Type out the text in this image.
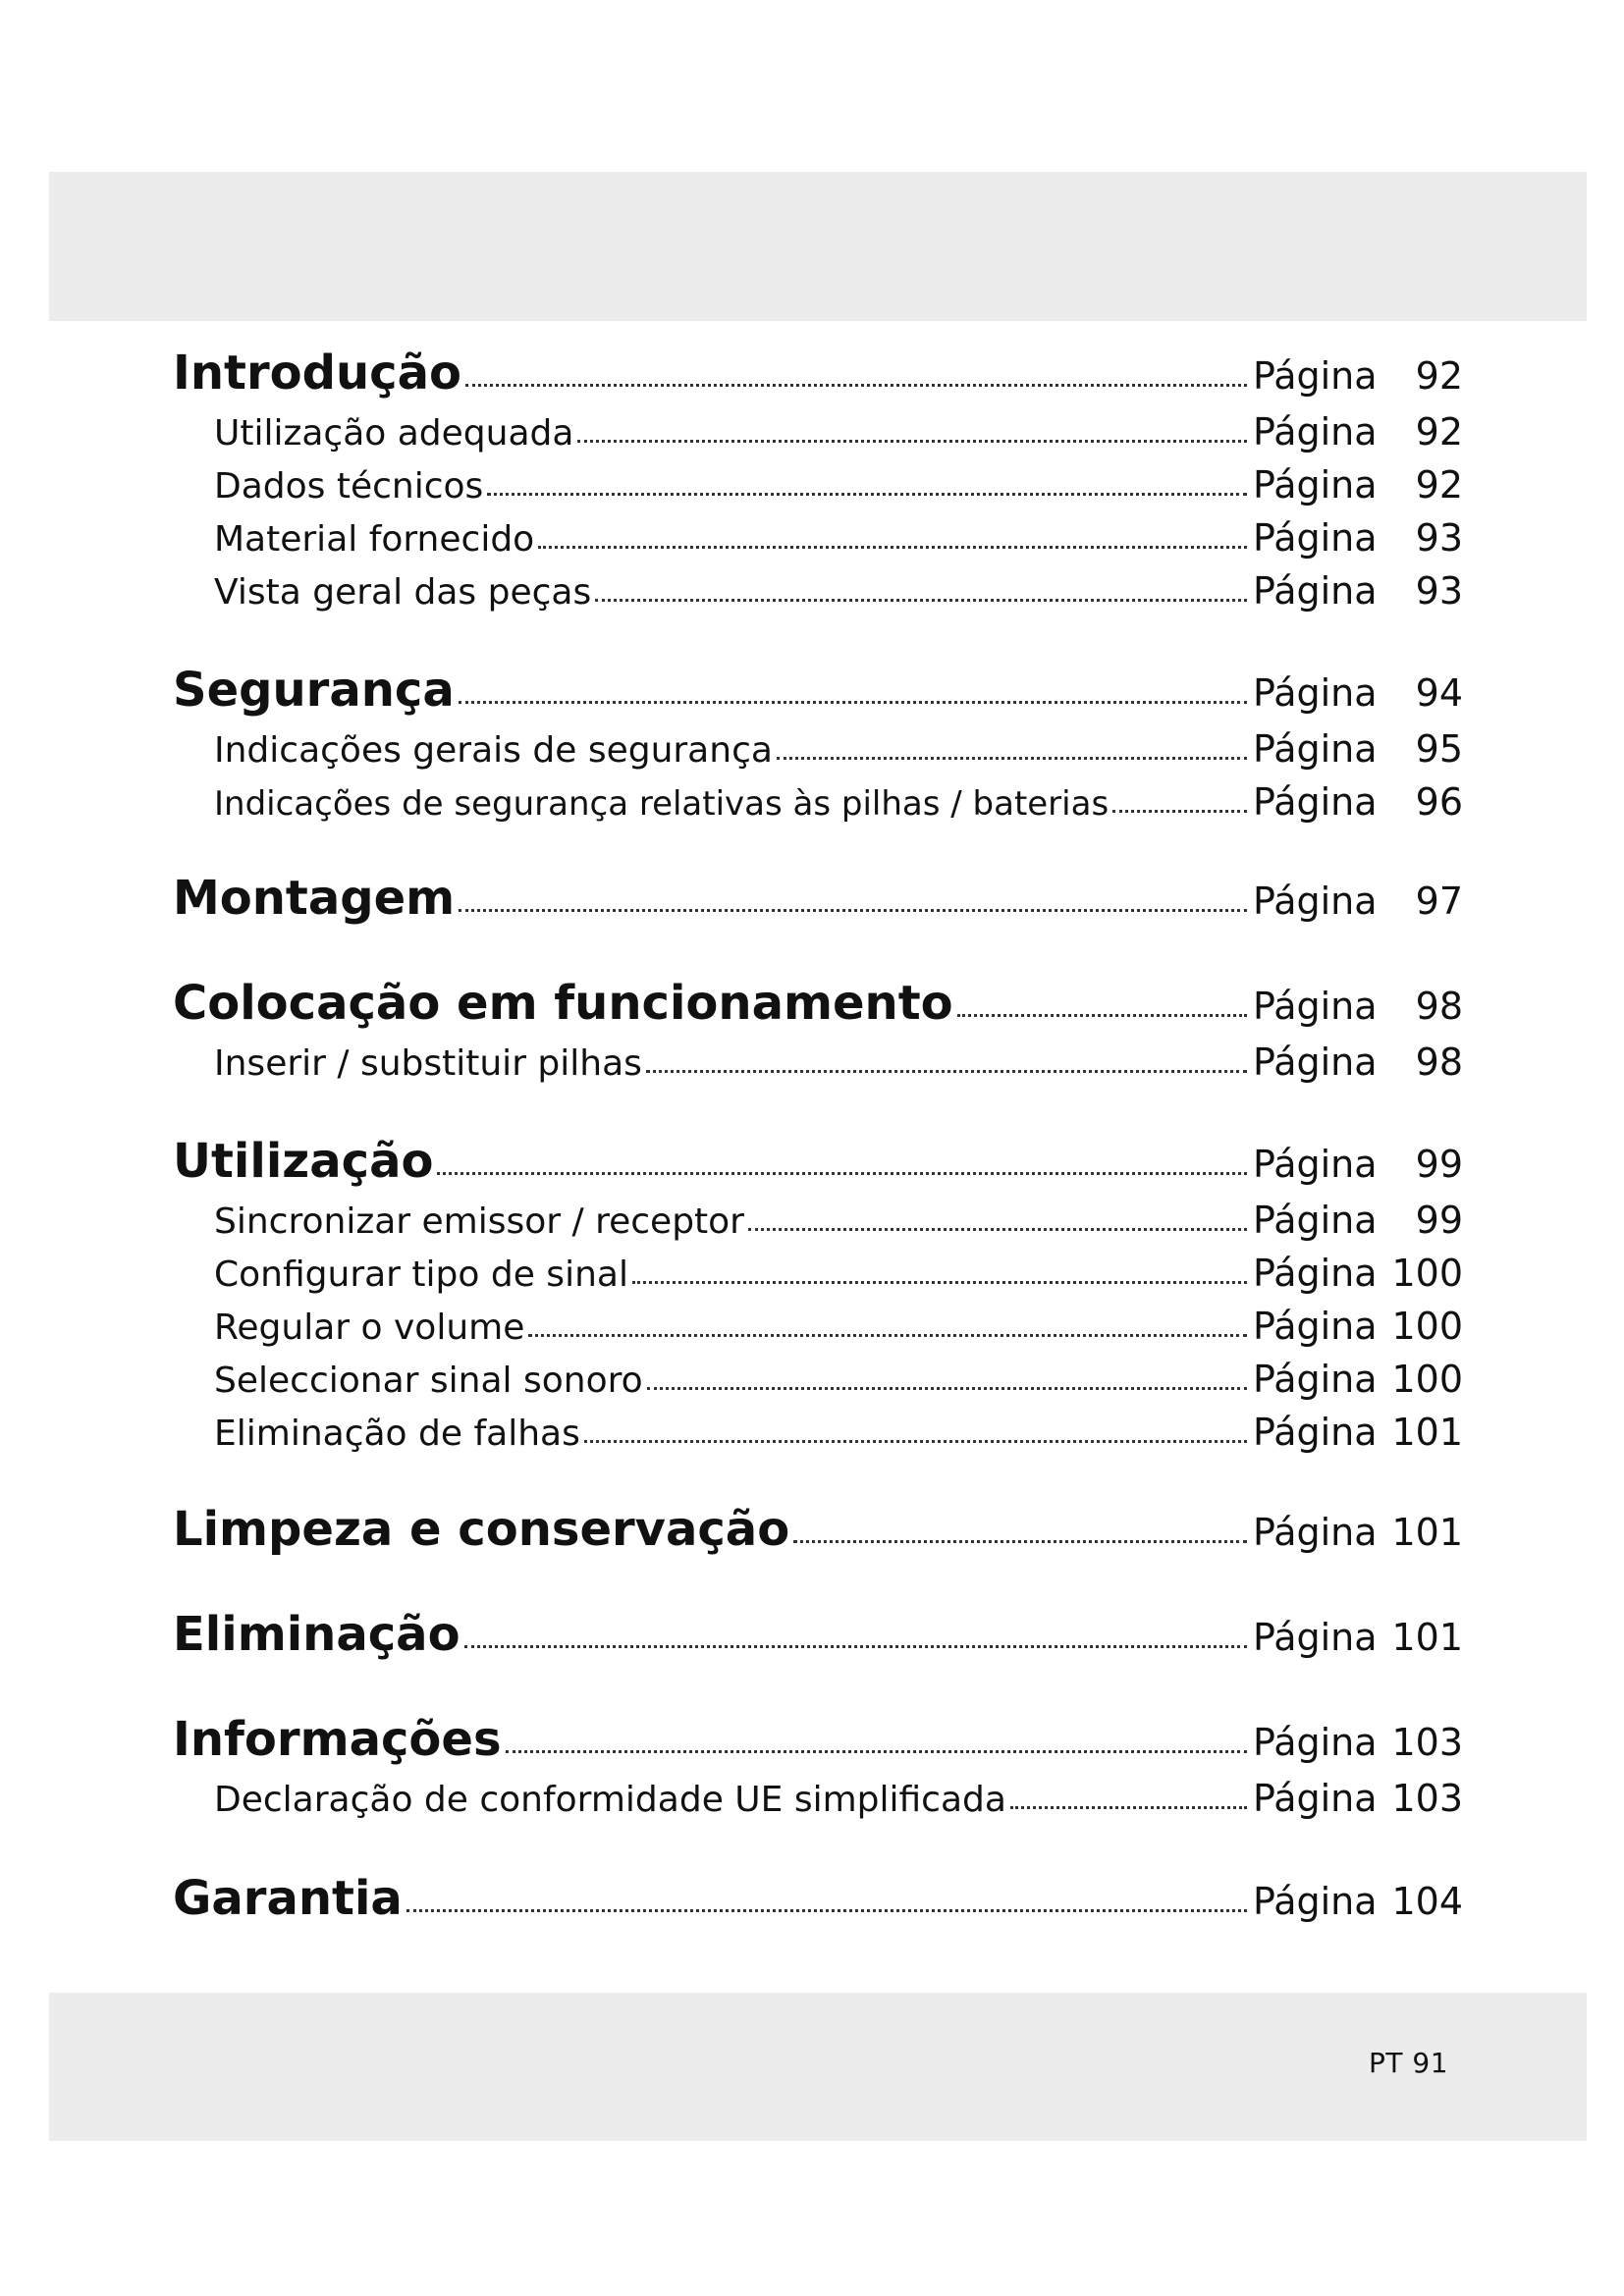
Introdução	Página	92
Utilização adequada	Página	92
Dados técnicos	Página	92
Material fornecido	Página	93
Vista geral das peças	Página	93
Segurança	Página	94
Indicações gerais de segurança	Página	95
Indicações de segurança relativas às pilhas / baterias	Página	96
Montagem	Página	97
Colocação em funcionamento	Página	98
Inserir / substituir pilhas	Página	98
Utilização	Página	99
Sincronizar emissor / receptor	Página	99
Configurar tipo de sinal	Página 100
Regular o volume	Página 100
Seleccionar sinal sonoro	Página 100
Eliminação de falhas	Página 101
Limpeza e conservação	Página 101
Eliminação	Página 101
Informações	Página 103
Declaração de conformidade UE simplificada	Página 103
Garantia	Página 104
PT 91
